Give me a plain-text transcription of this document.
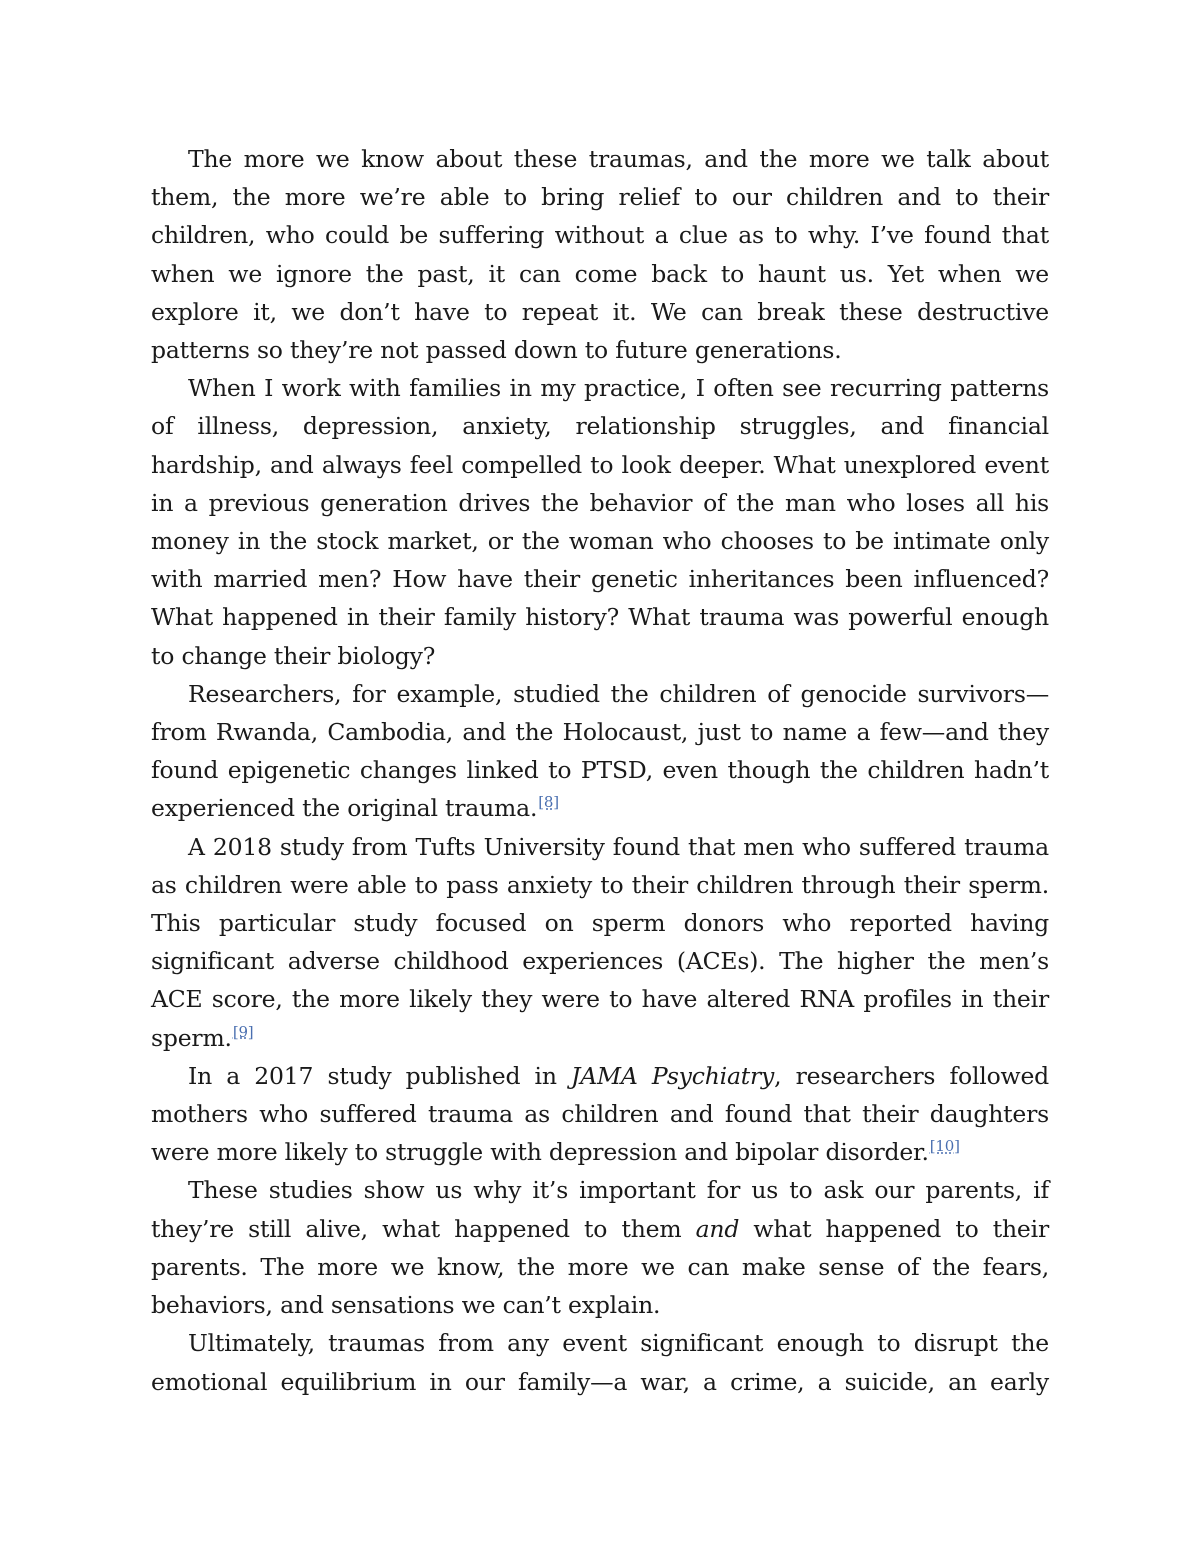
The more we know about these traumas, and the more we talk about them, the more we’re able to bring relief to our children and to their children, who could be suffering without a clue as to why. I’ve found that when we ignore the past, it can come back to haunt us. Yet when we explore it, we don’t have to repeat it. We can break these destructive patterns so they’re not passed down to future generations.

When I work with families in my practice, I often see recurring patterns of illness, depression, anxiety, relationship struggles, and financial hardship, and always feel compelled to look deeper. What unexplored event in a previous generation drives the behavior of the man who loses all his money in the stock market, or the woman who chooses to be intimate only with married men? How have their genetic inheritances been influenced? What happened in their family history? What trauma was powerful enough to change their biology?

Researchers, for example, studied the children of genocide survivors—from Rwanda, Cambodia, and the Holocaust, just to name a few—and they found epigenetic changes linked to PTSD, even though the children hadn’t experienced the original trauma.[8]

A 2018 study from Tufts University found that men who suffered trauma as children were able to pass anxiety to their children through their sperm. This particular study focused on sperm donors who reported having significant adverse childhood experiences (ACEs). The higher the men’s ACE score, the more likely they were to have altered RNA profiles in their sperm.[9]

In a 2017 study published in JAMA Psychiatry, researchers followed mothers who suffered trauma as children and found that their daughters were more likely to struggle with depression and bipolar disorder.[10]

These studies show us why it’s important for us to ask our parents, if they’re still alive, what happened to them and what happened to their parents. The more we know, the more we can make sense of the fears, behaviors, and sensations we can’t explain.

Ultimately, traumas from any event significant enough to disrupt the emotional equilibrium in our family—a war, a crime, a suicide, an early
